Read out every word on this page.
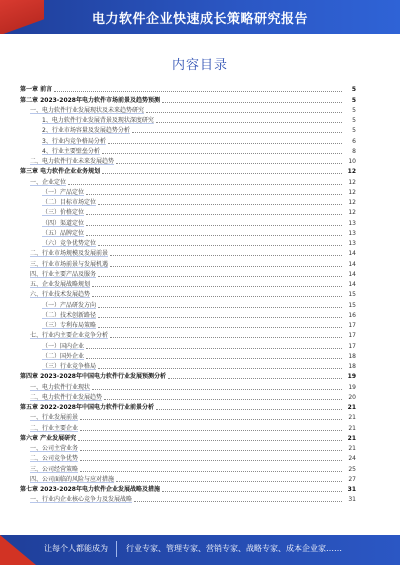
电力软件企业快速成长策略研究报告
内容目录
第一章 前言	5
第二章 2023-2028年电力软件市场前景及趋势预测	5
一、电力软件行业发展现状及未来趋势研究	5
1、电力软件行业发展背景及现状深度研究	5
2、行业市场容量及发展趋势分析	5
3、行业内竞争格局分析	6
4、行业主要壁垒分析	8
二、电力软件行业未来发展趋势	10
第三章 电力软件企业业务规划	12
一、企业定位	12
（一）产品定位	12
（二）目标市场定位	12
（三）价格定位	12
（四）渠道定位	13
（五）品牌定位	13
（六）竞争优势定位	13
二、行业市场规模及发展前景	14
三、行业市场前景与发展机遇	14
四、行业主要产品及服务	14
五、企业发展战略规划	14
六、行业技术发展趋势	15
（一）产品研发方向	15
（二）技术创新路径	16
（三）专利布局策略	17
七、行业内主要企业竞争分析	17
（一）国内企业	17
（二）国外企业	18
（三）行业竞争格局	18
第四章 2023-2028年中国电力软件行业发展预测分析	19
一、电力软件行业现状	19
二、电力软件行业发展趋势	20
第五章 2022-2028年中国电力软件行业前景分析	21
一、行业发展前景	21
二、行业主要企业	21
第六章 产业发展研究	21
一、公司主营业务	21
二、公司竞争优势	24
三、公司经营策略	25
四、公司面临的风险与应对措施	27
第七章 2023-2028年电力软件企业发展战略及措施	31
一、行业内企业核心竞争力及发展战略	31
让每个人都能成为 行业专家、管理专家、营销专家、战略专家、成本企业家……
